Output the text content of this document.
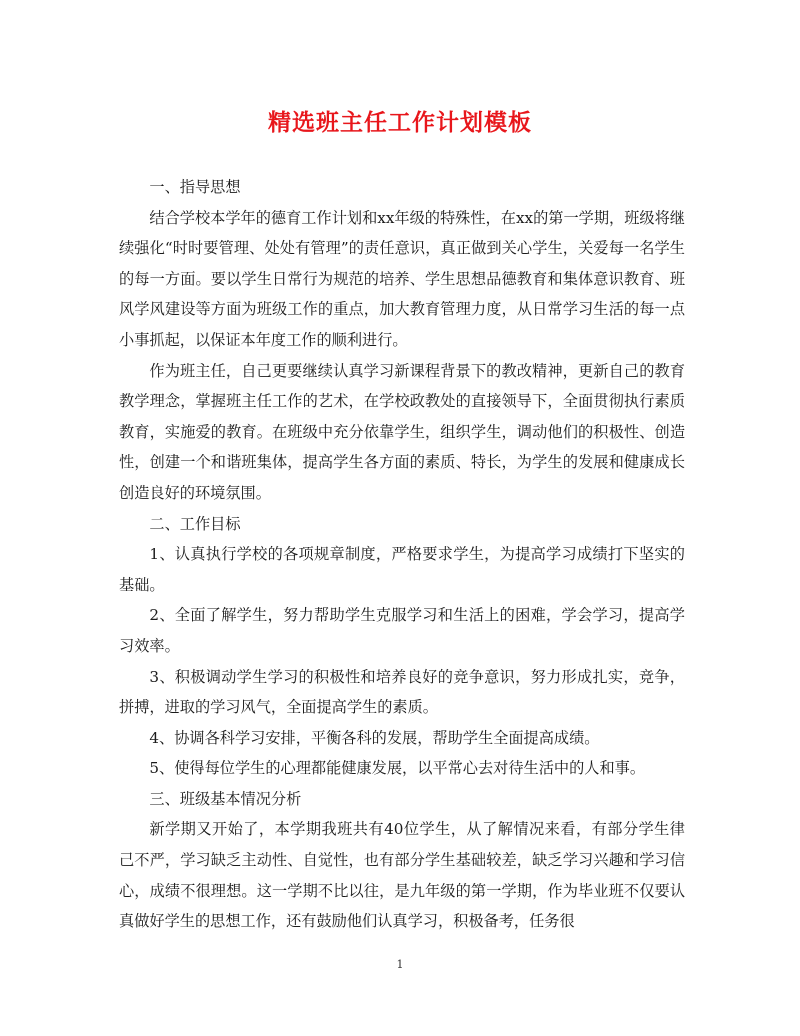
精选班主任工作计划模板

一、指导思想

结合学校本学年的德育工作计划和xx年级的特殊性，在xx的第一学期，班级将继续强化“时时要管理、处处有管理”的责任意识，真正做到关心学生，关爱每一名学生的每一方面。要以学生日常行为规范的培养、学生思想品德教育和集体意识教育、班风学风建设等方面为班级工作的重点，加大教育管理力度，从日常学习生活的每一点小事抓起，以保证本年度工作的顺利进行。

作为班主任，自己更要继续认真学习新课程背景下的教改精神，更新自己的教育教学理念，掌握班主任工作的艺术，在学校政教处的直接领导下，全面贯彻执行素质教育，实施爱的教育。在班级中充分依靠学生，组织学生，调动他们的积极性、创造性，创建一个和谐班集体，提高学生各方面的素质、特长，为学生的发展和健康成长创造良好的环境氛围。

二、工作目标

1、认真执行学校的各项规章制度，严格要求学生，为提高学习成绩打下坚实的基础。

2、全面了解学生，努力帮助学生克服学习和生活上的困难，学会学习，提高学习效率。

3、积极调动学生学习的积极性和培养良好的竞争意识，努力形成扎实，竞争，拼搏，进取的学习风气，全面提高学生的素质。

4、协调各科学习安排，平衡各科的发展，帮助学生全面提高成绩。

5、使得每位学生的心理都能健康发展，以平常心去对待生活中的人和事。

三、班级基本情况分析

新学期又开始了，本学期我班共有40位学生，从了解情况来看，有部分学生律己不严，学习缺乏主动性、自觉性，也有部分学生基础较差，缺乏学习兴趣和学习信心，成绩不很理想。这一学期不比以往，是九年级的第一学期，作为毕业班不仅要认真做好学生的思想工作，还有鼓励他们认真学习，积极备考，任务很

1
